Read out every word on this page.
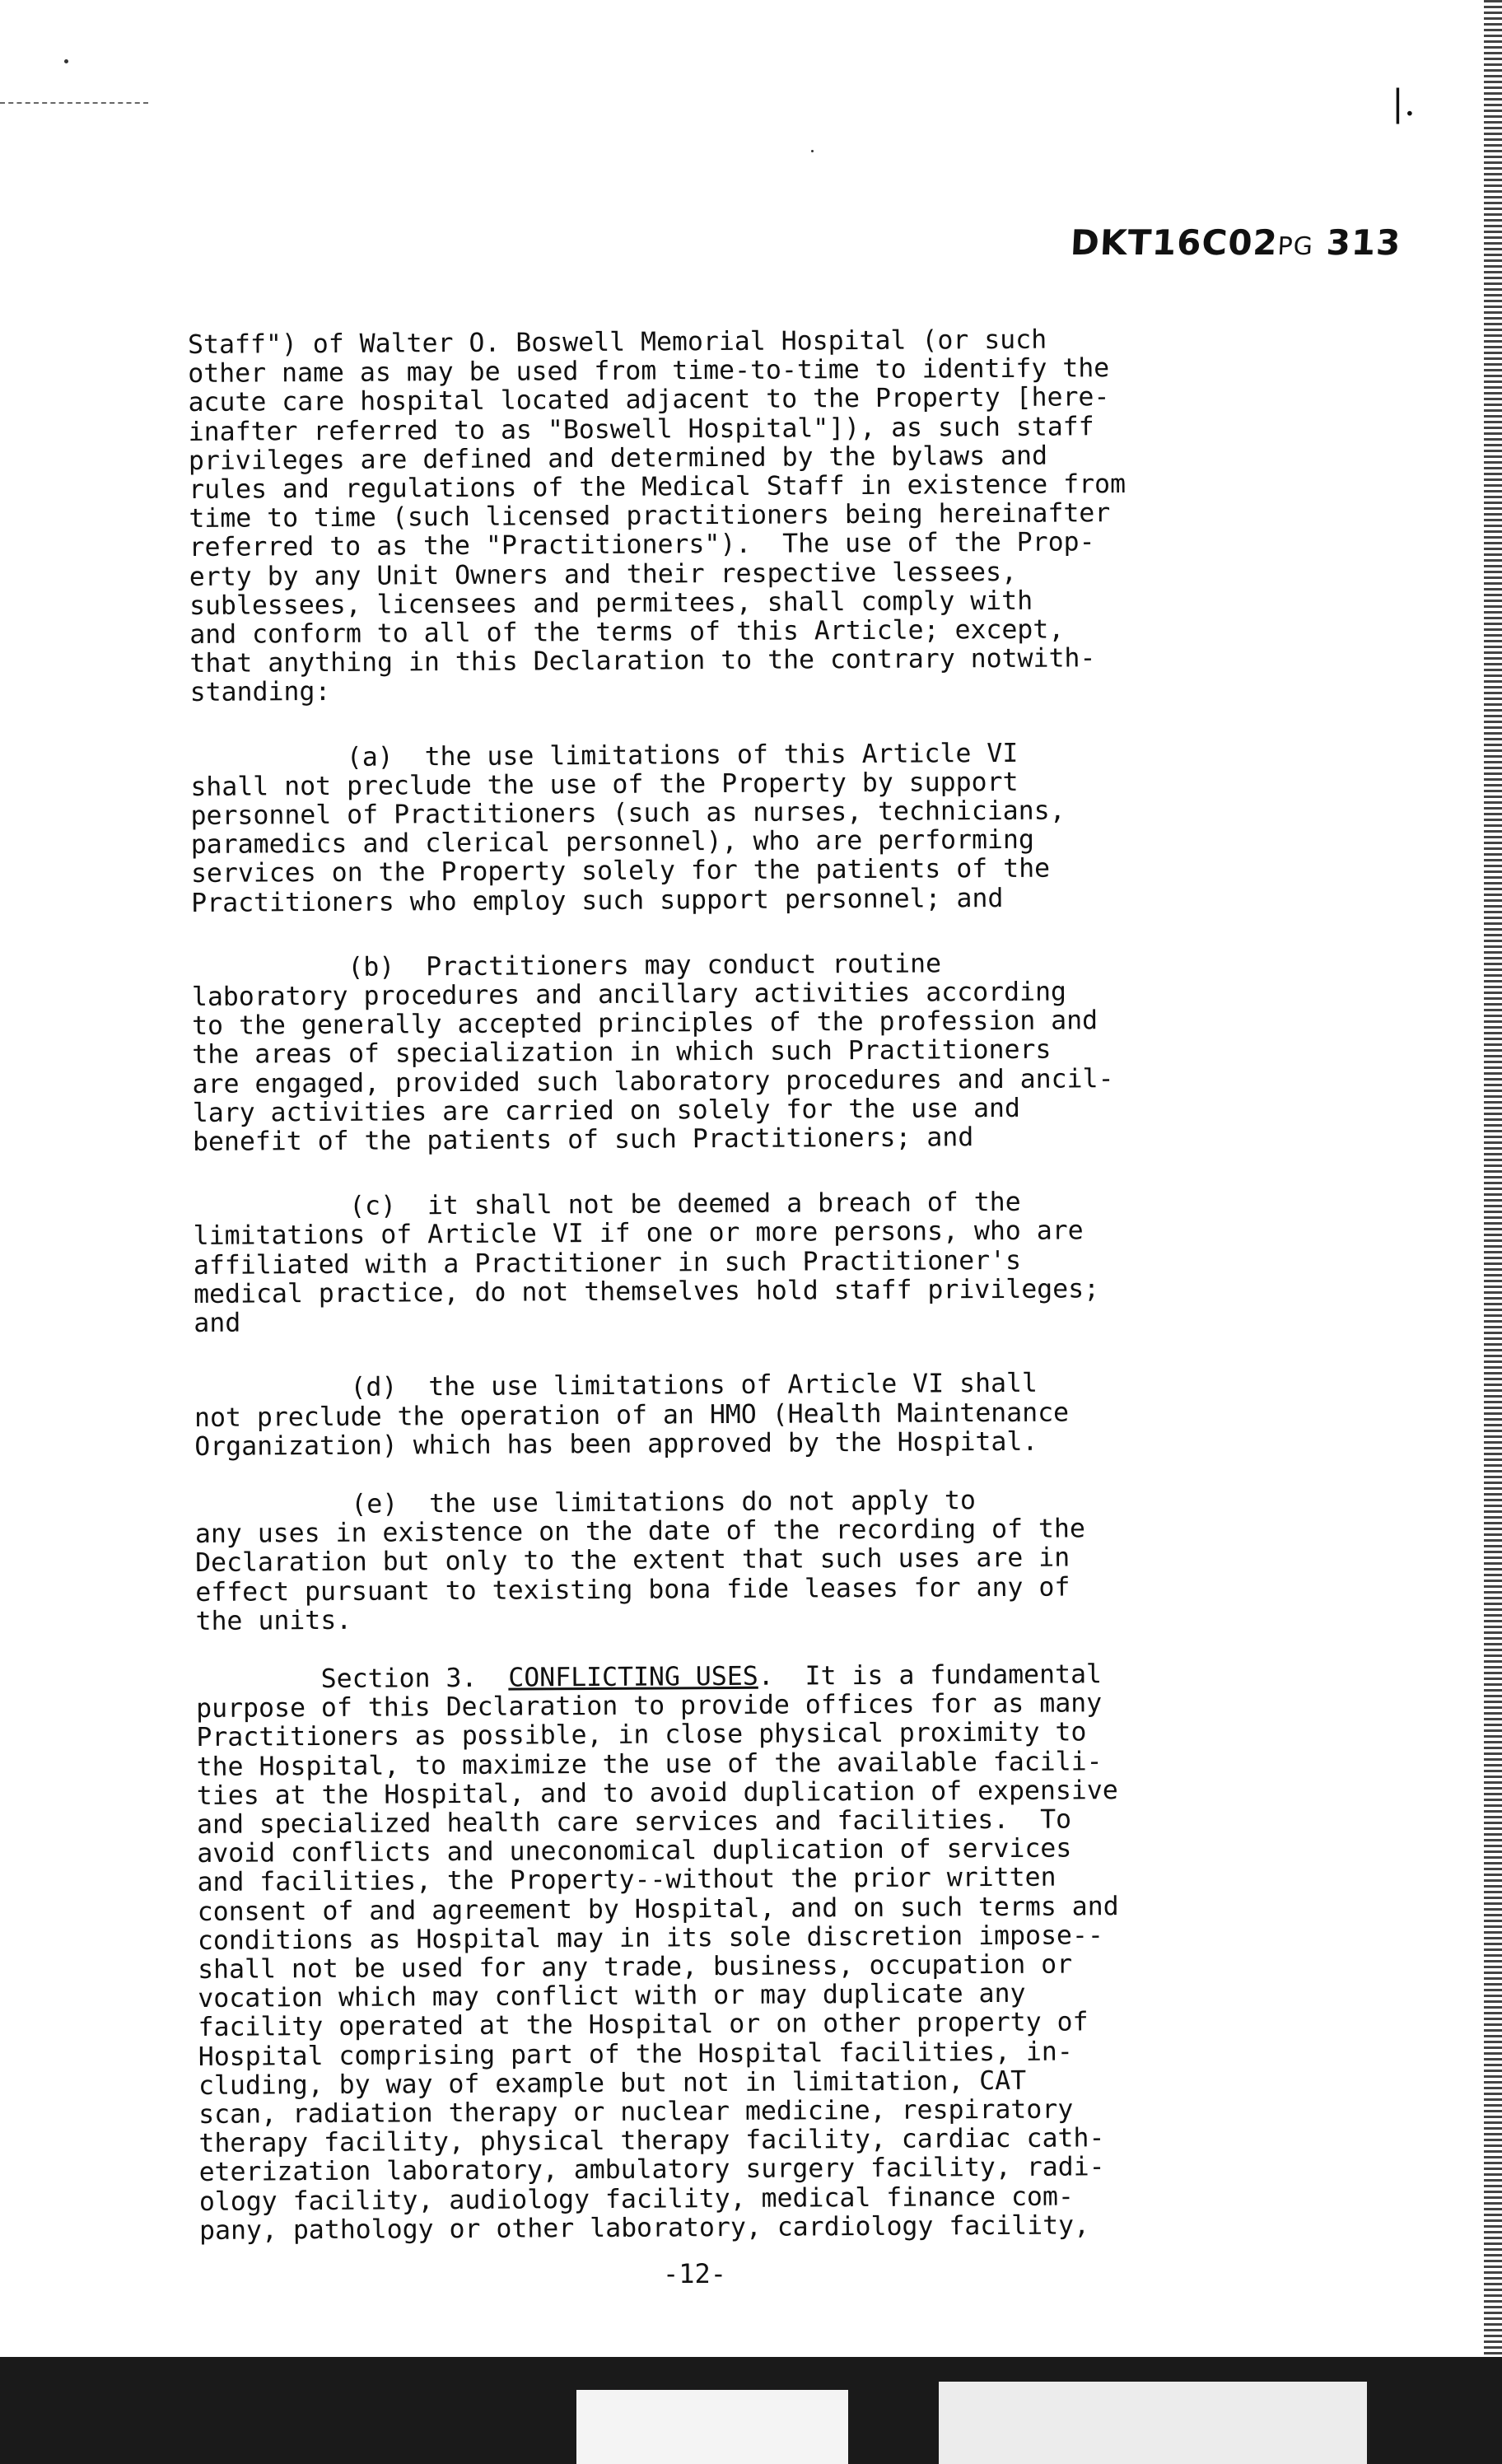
|.
DKT16C02PG 313

Staff") of Walter O. Boswell Memorial Hospital (or such

other name as may be used from time-to-time to identify the

acute care hospital located adjacent to the Property [here-

inafter referred to as "Boswell Hospital"]), as such staff

privileges are defined and determined by the bylaws and

rules and regulations of the Medical Staff in existence from

time to time (such licensed practitioners being hereinafter

referred to as the "Practitioners").  The use of the Prop-

erty by any Unit Owners and their respective lessees,

sublessees, licensees and permitees, shall comply with

and conform to all of the terms of this Article; except,

that anything in this Declaration to the contrary notwith-

standing:

(a)  the use limitations of this Article VI

shall not preclude the use of the Property by support

personnel of Practitioners (such as nurses, technicians,

paramedics and clerical personnel), who are performing

services on the Property solely for the patients of the

Practitioners who employ such support personnel; and

(b)  Practitioners may conduct routine

laboratory procedures and ancillary activities according

to the generally accepted principles of the profession and

the areas of specialization in which such Practitioners

are engaged, provided such laboratory procedures and ancil-

lary activities are carried on solely for the use and

benefit of the patients of such Practitioners; and

(c)  it shall not be deemed a breach of the

limitations of Article VI if one or more persons, who are

affiliated with a Practitioner in such Practitioner's

medical practice, do not themselves hold staff privileges;

and

(d)  the use limitations of Article VI shall

not preclude the operation of an HMO (Health Maintenance

Organization) which has been approved by the Hospital.

(e)  the use limitations do not apply to

any uses in existence on the date of the recording of the

Declaration but only to the extent that such uses are in

effect pursuant to texisting bona fide leases for any of

the units.

Section 3.  CONFLICTING USES.  It is a fundamental

purpose of this Declaration to provide offices for as many

Practitioners as possible, in close physical proximity to

the Hospital, to maximize the use of the available facili-

ties at the Hospital, and to avoid duplication of expensive

and specialized health care services and facilities.  To

avoid conflicts and uneconomical duplication of services

and facilities, the Property--without the prior written

consent of and agreement by Hospital, and on such terms and

conditions as Hospital may in its sole discretion impose--

shall not be used for any trade, business, occupation or

vocation which may conflict with or may duplicate any

facility operated at the Hospital or on other property of

Hospital comprising part of the Hospital facilities, in-

cluding, by way of example but not in limitation, CAT

scan, radiation therapy or nuclear medicine, respiratory

therapy facility, physical therapy facility, cardiac cath-

eterization laboratory, ambulatory surgery facility, radi-

ology facility, audiology facility, medical finance com-

pany, pathology or other laboratory, cardiology facility,

-12-
